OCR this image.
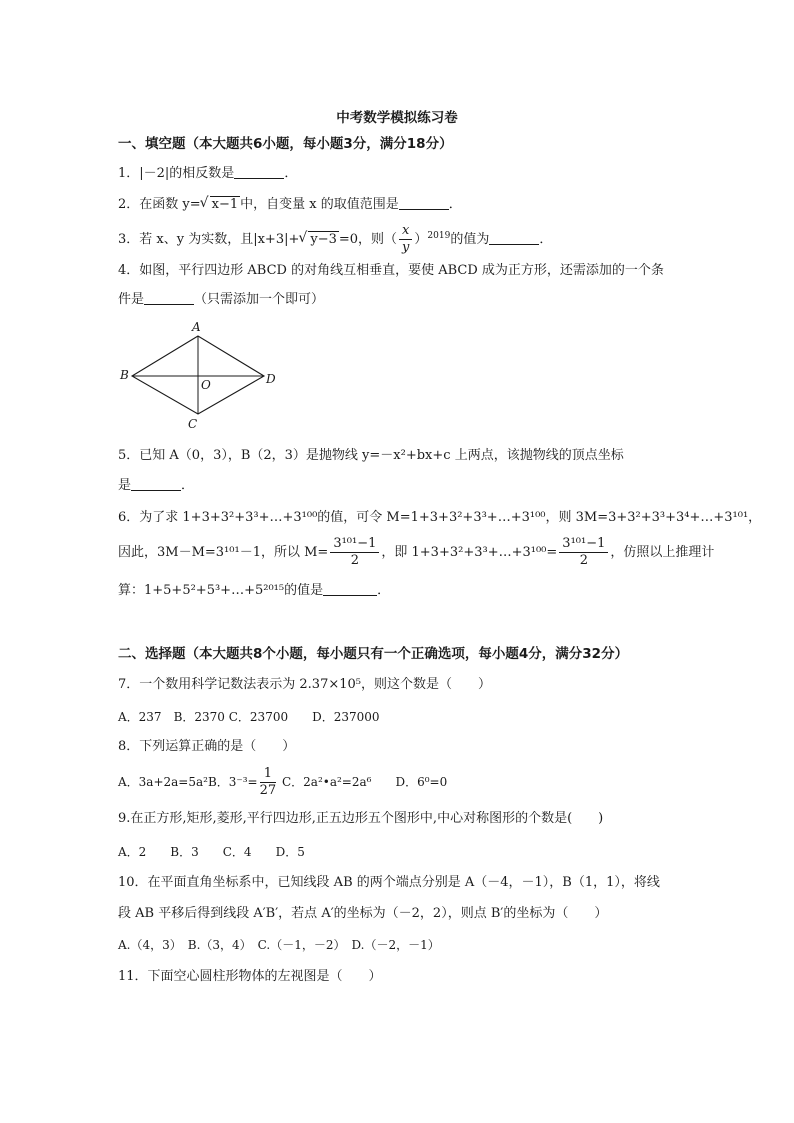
中考数学模拟练习卷
一、填空题（本大题共6小题，每小题3分，满分18分）
1．|－2|的相反数是	．
2．在函数 y= √ x−1 中，自变量 x 的取值范围是	．
3．若 x、y 为实数，且|x+3|+ √ y−3 =0，则（ $\frac{x}{y} )^{2019}$的值为	．
4．如图，平行四边形 ABCD 的对角线互相垂直，要使 ABCD 成为正方形，还需添加的一个条
件是	（只需添加一个即可）
A
B
C
D
O
5．已知 A（0，3），B（2，3）是抛物线 y=－x²+bx+c 上两点，该抛物线的顶点坐标
是	．
6．为了求 1+3+3²+3³+…+3¹⁰⁰的值，可令 M=1+3+3²+3³+…+3¹⁰⁰，则 3M=3+3²+3³+3⁴+…+3¹⁰¹，
因此，3M－M=3¹⁰¹－1，所以 $M= \frac{\text{3¹⁰¹−1}}{2}$ ，即 1+3+3²+3³+…+3¹⁰⁰= $\frac{\text{3¹⁰¹−1}}{2}$ ，仿照以上推理计
算：1+5+5²+5³+…+5²⁰¹⁵的值是	．
二、选择题（本大题共8个小题，每小题只有一个正确选项，每小题4分，满分32分）
7．一个数用科学记数法表示为 2.37×10⁵，则这个数是（　　）
A．237　B．2370 C．23700　　D．237000
8．下列运算正确的是（　　）
A．3a+2a=5a²B．$3^{-3}= \frac{1}{27}$ C．2a²•a²=2a⁶　　D．6⁰=0
9.在正方形,矩形,菱形,平行四边形,正五边形五个图形中,中心对称图形的个数是(　　)
A．2　　B．3　　C．4　　D．5
10．在平面直角坐标系中，已知线段 AB 的两个端点分别是 A（－4，－1），B（1，1），将线
段 AB 平移后得到线段 A′B′，若点 A′的坐标为（－2，2），则点 B′的坐标为（　　）
A.（4，3）　B.（3，4）　C.（－1，－2）　D.（－2，－1）
11．下面空心圆柱形物体的左视图是（　　）
